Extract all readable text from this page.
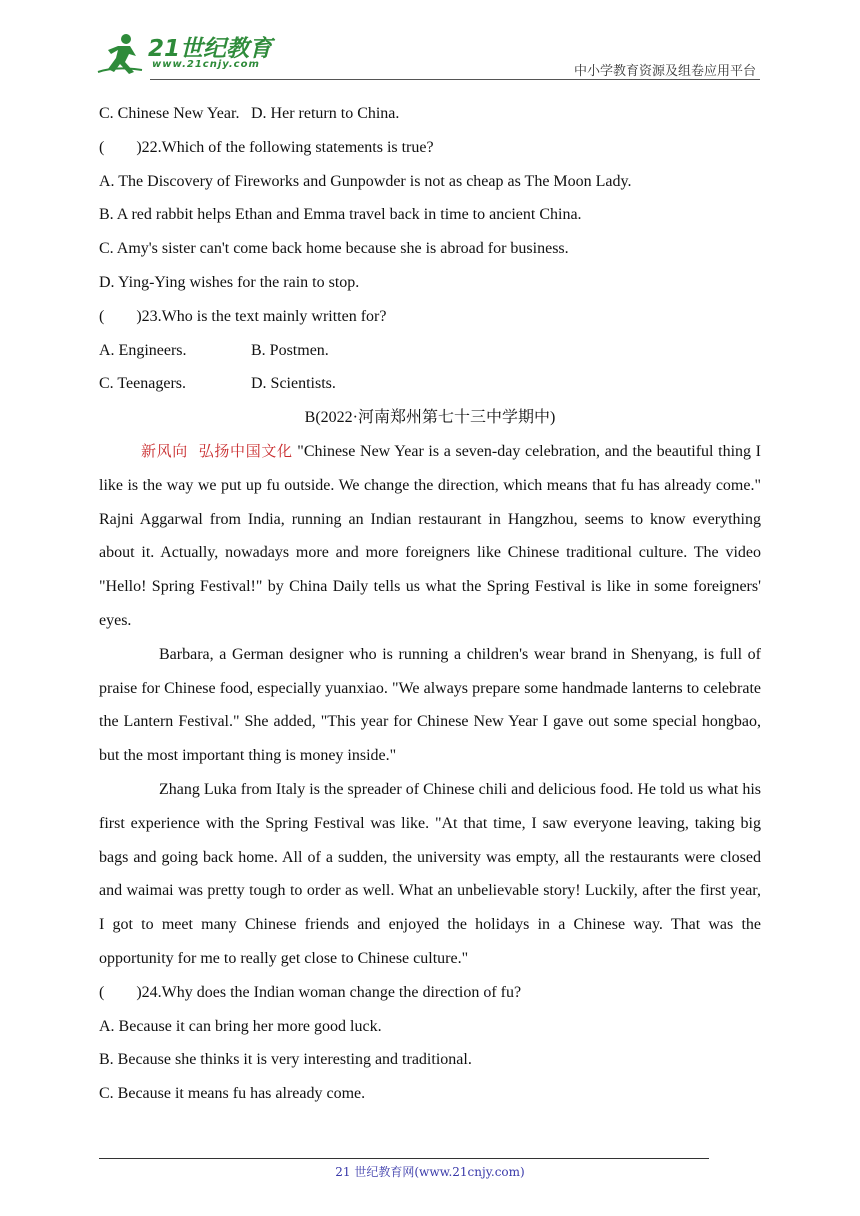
21世纪教育
www.21cnjy.com	中小学教育资源及组卷应用平台

C. Chinese New Year. D. Her return to China.

(        )22.Which of the following statements is true?

A. The Discovery of Fireworks and Gunpowder is not as cheap as The Moon Lady.

B. A red rabbit helps Ethan and Emma travel back in time to ancient China.

C. Amy's sister can't come back home because she is abroad for business.

D. Ying-Ying wishes for the rain to stop.

(        )23.Who is the text mainly written for?

A. Engineers.	B. Postmen.

C. Teenagers.	D. Scientists.

B(2022·河南郑州第七十三中学期中)

新风向  弘扬中国文化 "Chinese New Year is a seven-day celebration, and the beautiful thing I like is the way we put up fu outside. We change the direction, which means that fu has already come." Rajni Aggarwal from India, running an Indian restaurant in Hangzhou, seems to know everything about it. Actually, nowadays more and more foreigners like Chinese traditional culture. The video "Hello! Spring Festival!" by China Daily tells us what the Spring Festival is like in some foreigners' eyes.

Barbara, a German designer who is running a children's wear brand in Shenyang, is full of praise for Chinese food, especially yuanxiao. "We always prepare some handmade lanterns to celebrate the Lantern Festival." She added, "This year for Chinese New Year I gave out some special hongbao, but the most important thing is money inside."

Zhang Luka from Italy is the spreader of Chinese chili and delicious food. He told us what his first experience with the Spring Festival was like. "At that time, I saw everyone leaving, taking big bags and going back home. All of a sudden, the university was empty, all the restaurants were closed and waimai was pretty tough to order as well. What an unbelievable story! Luckily, after the first year, I got to meet many Chinese friends and enjoyed the holidays in a Chinese way. That was the opportunity for me to really get close to Chinese culture."

(        )24.Why does the Indian woman change the direction of fu?

A. Because it can bring her more good luck.

B. Because she thinks it is very interesting and traditional.

C. Because it means fu has already come.

21 世纪教育网(www.21cnjy.com)
